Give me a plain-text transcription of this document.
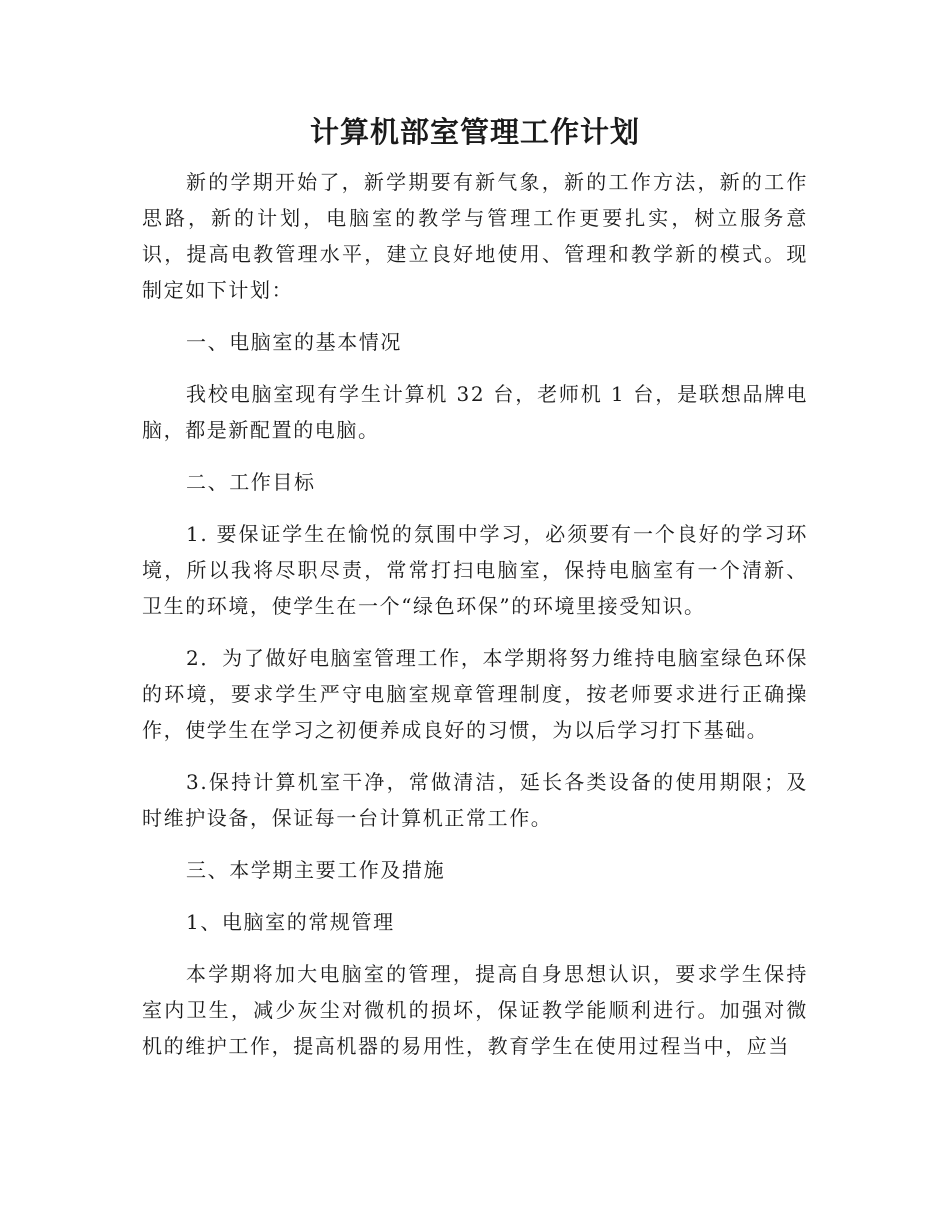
计算机部室管理工作计划

新的学期开始了，新学期要有新气象，新的工作方法，新的工作思路，新的计划，电脑室的教学与管理工作更要扎实，树立服务意识，提高电教管理水平，建立良好地使用、管理和教学新的模式。现制定如下计划：

一、电脑室的基本情况

我校电脑室现有学生计算机 32 台，老师机 1 台，是联想品牌电脑，都是新配置的电脑。

二、工作目标

1. 要保证学生在愉悦的氛围中学习，必须要有一个良好的学习环境，所以我将尽职尽责，常常打扫电脑室，保持电脑室有一个清新、卫生的环境，使学生在一个“绿色环保”的环境里接受知识。

2．为了做好电脑室管理工作，本学期将努力维持电脑室绿色环保的环境，要求学生严守电脑室规章管理制度，按老师要求进行正确操作，使学生在学习之初便养成良好的习惯，为以后学习打下基础。

3.保持计算机室干净，常做清洁，延长各类设备的使用期限；及时维护设备，保证每一台计算机正常工作。

三、本学期主要工作及措施

1、电脑室的常规管理

本学期将加大电脑室的管理，提高自身思想认识，要求学生保持室内卫生，减少灰尘对微机的损坏，保证教学能顺利进行。加强对微机的维护工作，提高机器的易用性，教育学生在使用过程当中，应当
